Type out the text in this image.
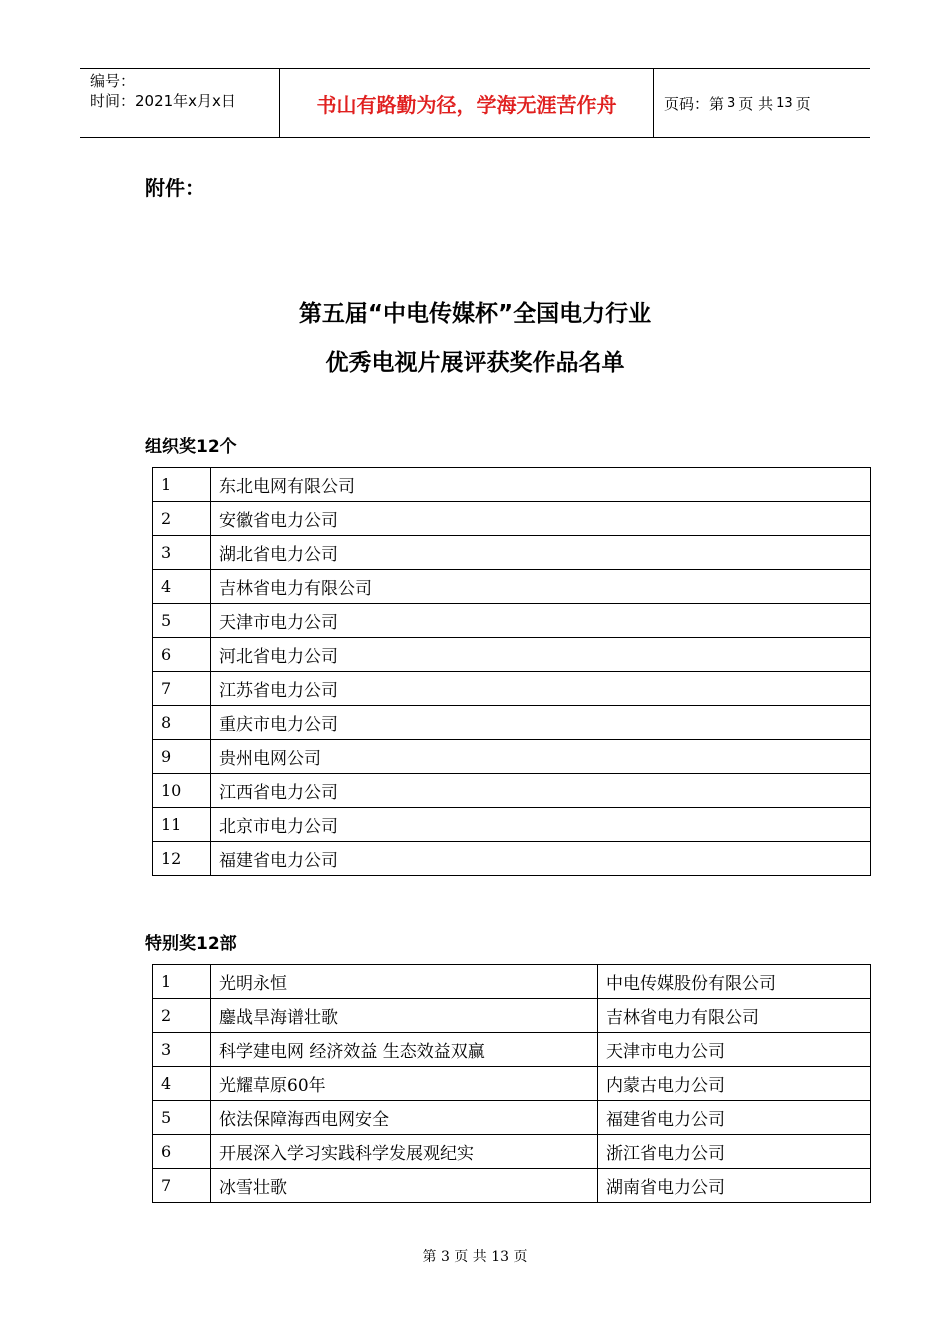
编号：
时间：2021年x月x日	书山有路勤为径，学海无涯苦作舟	页码：第 3 页 共 13 页
附件：
第五届“中电传媒杯”全国电力行业
优秀电视片展评获奖作品名单
组织奖12个
1	东北电网有限公司
2	安徽省电力公司
3	湖北省电力公司
4	吉林省电力有限公司
5	天津市电力公司
6	河北省电力公司
7	江苏省电力公司
8	重庆市电力公司
9	贵州电网公司
10	江西省电力公司
11	北京市电力公司
12	福建省电力公司
特别奖12部
1	光明永恒	中电传媒股份有限公司
2	鏖战旱海谱壮歌	吉林省电力有限公司
3	科学建电网 经济效益 生态效益双赢	天津市电力公司
4	光耀草原60年	内蒙古电力公司
5	依法保障海西电网安全	福建省电力公司
6	开展深入学习实践科学发展观纪实	浙江省电力公司
7	冰雪壮歌	湖南省电力公司
第 3 页 共 13 页
